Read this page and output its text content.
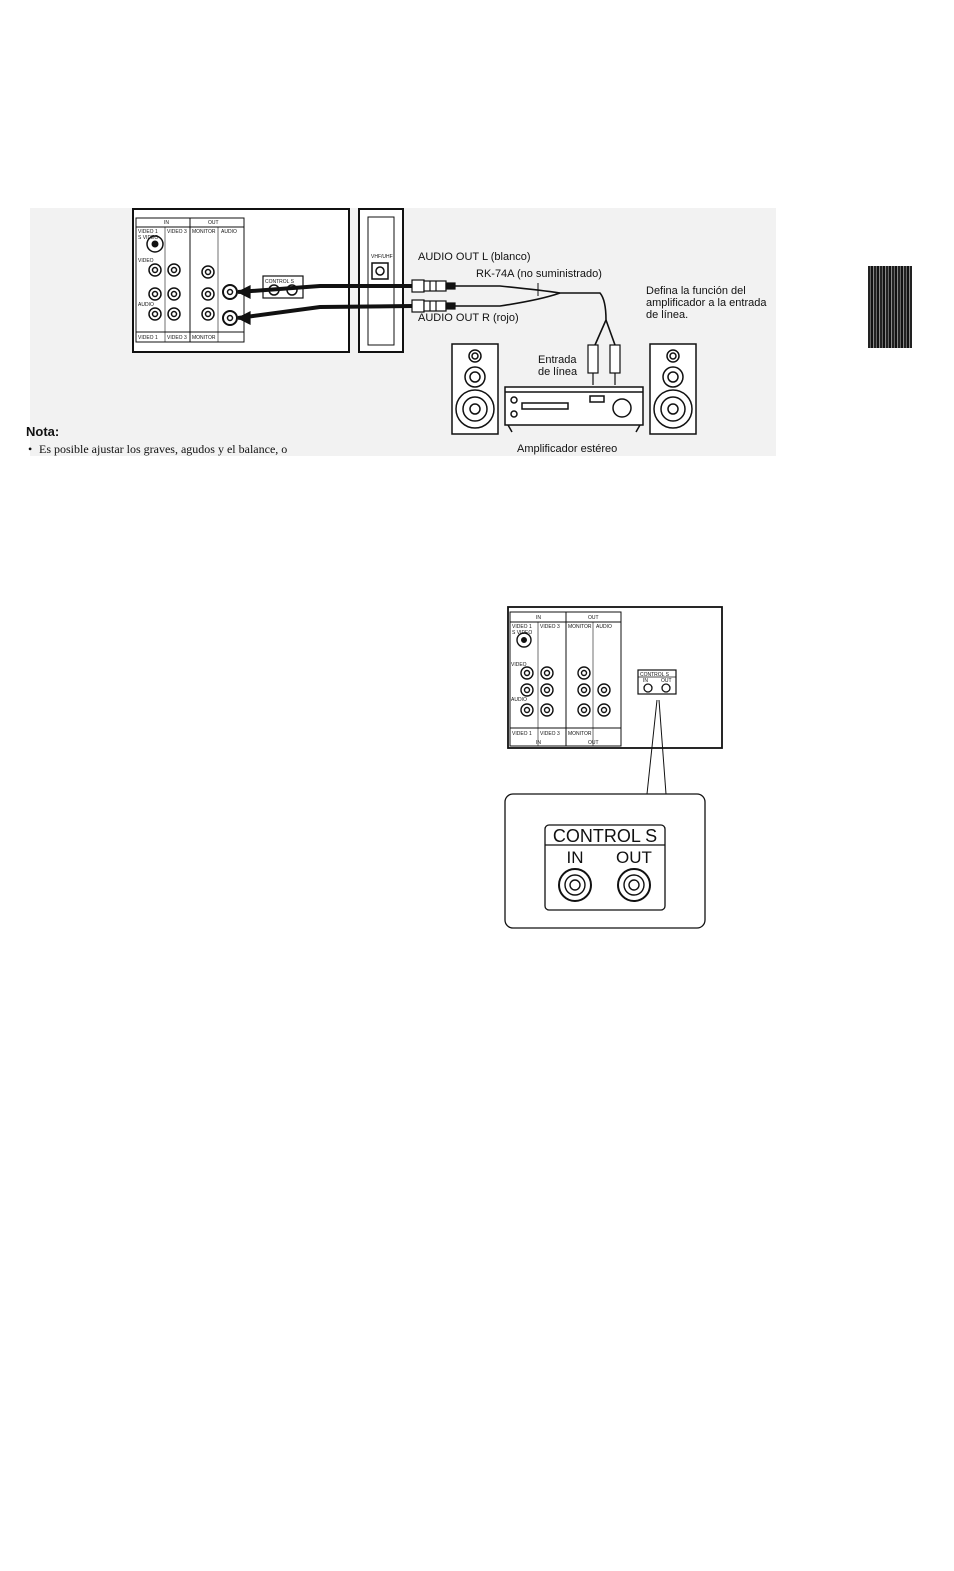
IN	OUT
VIDEO 1 VIDEO 3 MONITOR AUDIO
S VIDEO
VIDEO
AUDIO
VIDEO 1 VIDEO 3 MONITOR
CONTROL S
VHF/UHF AUDIO OUT L (blanco)
RK-74A (no suministrado)
AUDIO OUT R (rojo)
Defina la función del
amplificador a la entrada
de línea.
Entrada
de línea
Amplificador estéreo
Nota:
• Es posible ajustar los graves, agudos y el balance, o
IN	OUT
VIDEO 1 VIDEO 3 MONITOR AUDIO
S VIDEO
VIDEO
AUDIO
VIDEO 1 VIDEO 3 MONITOR
IN	OUT
CONTROL S
IN	OUT
CONTROL S
IN OUT
